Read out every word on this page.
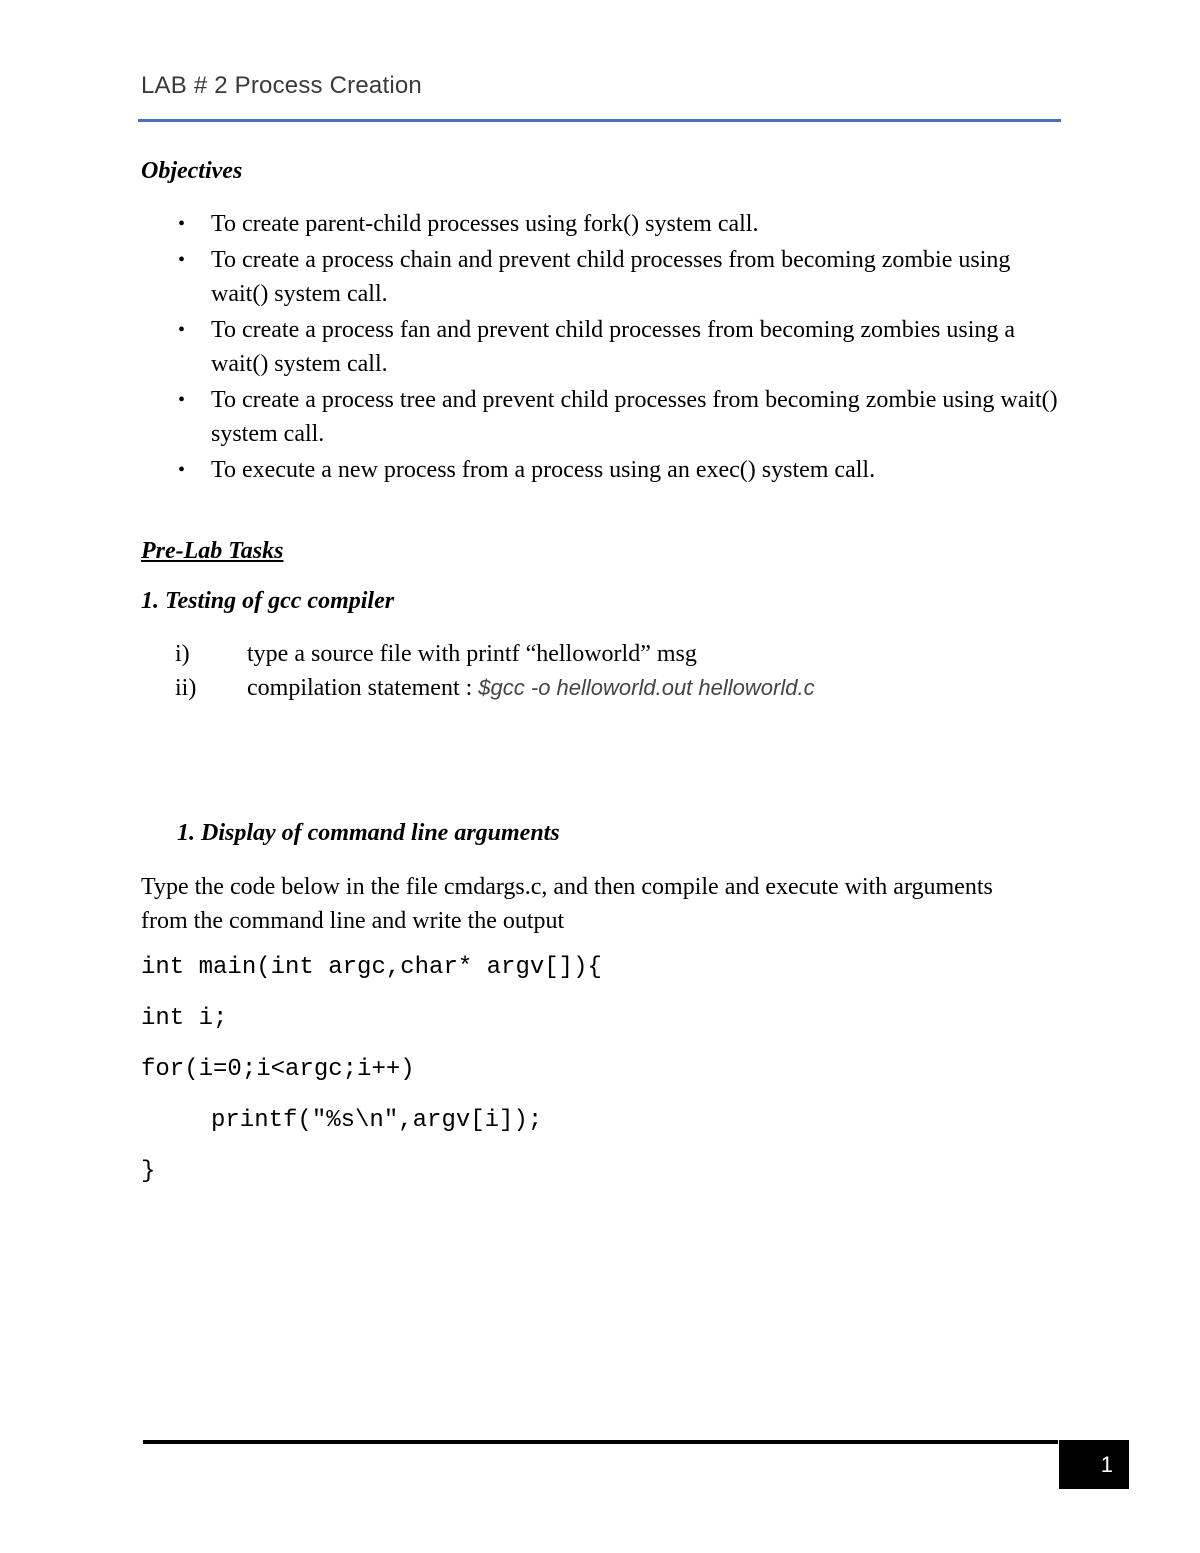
LAB # 2 Process Creation
Objectives
• To create parent-child processes using fork() system call.
• To create a process chain and prevent child processes from becoming zombie using wait() system call.
• To create a process fan and prevent child processes from becoming zombies using a wait() system call.
• To create a process tree and prevent child processes from becoming zombie using wait() system call.
• To execute a new process from a process using an exec() system call.
Pre-Lab Tasks
1. Testing of gcc compiler
i) type a source file with printf “helloworld” msg
ii) compilation statement : $gcc -o helloworld.out helloworld.c
1. Display of command line arguments
Type the code below in the file cmdargs.c, and then compile and execute with arguments from the command line and write the output
int main(int argc,char* argv[]){
int i;
for(i=0;i<argc;i++)
printf("%s\n",argv[i]);
}
1
